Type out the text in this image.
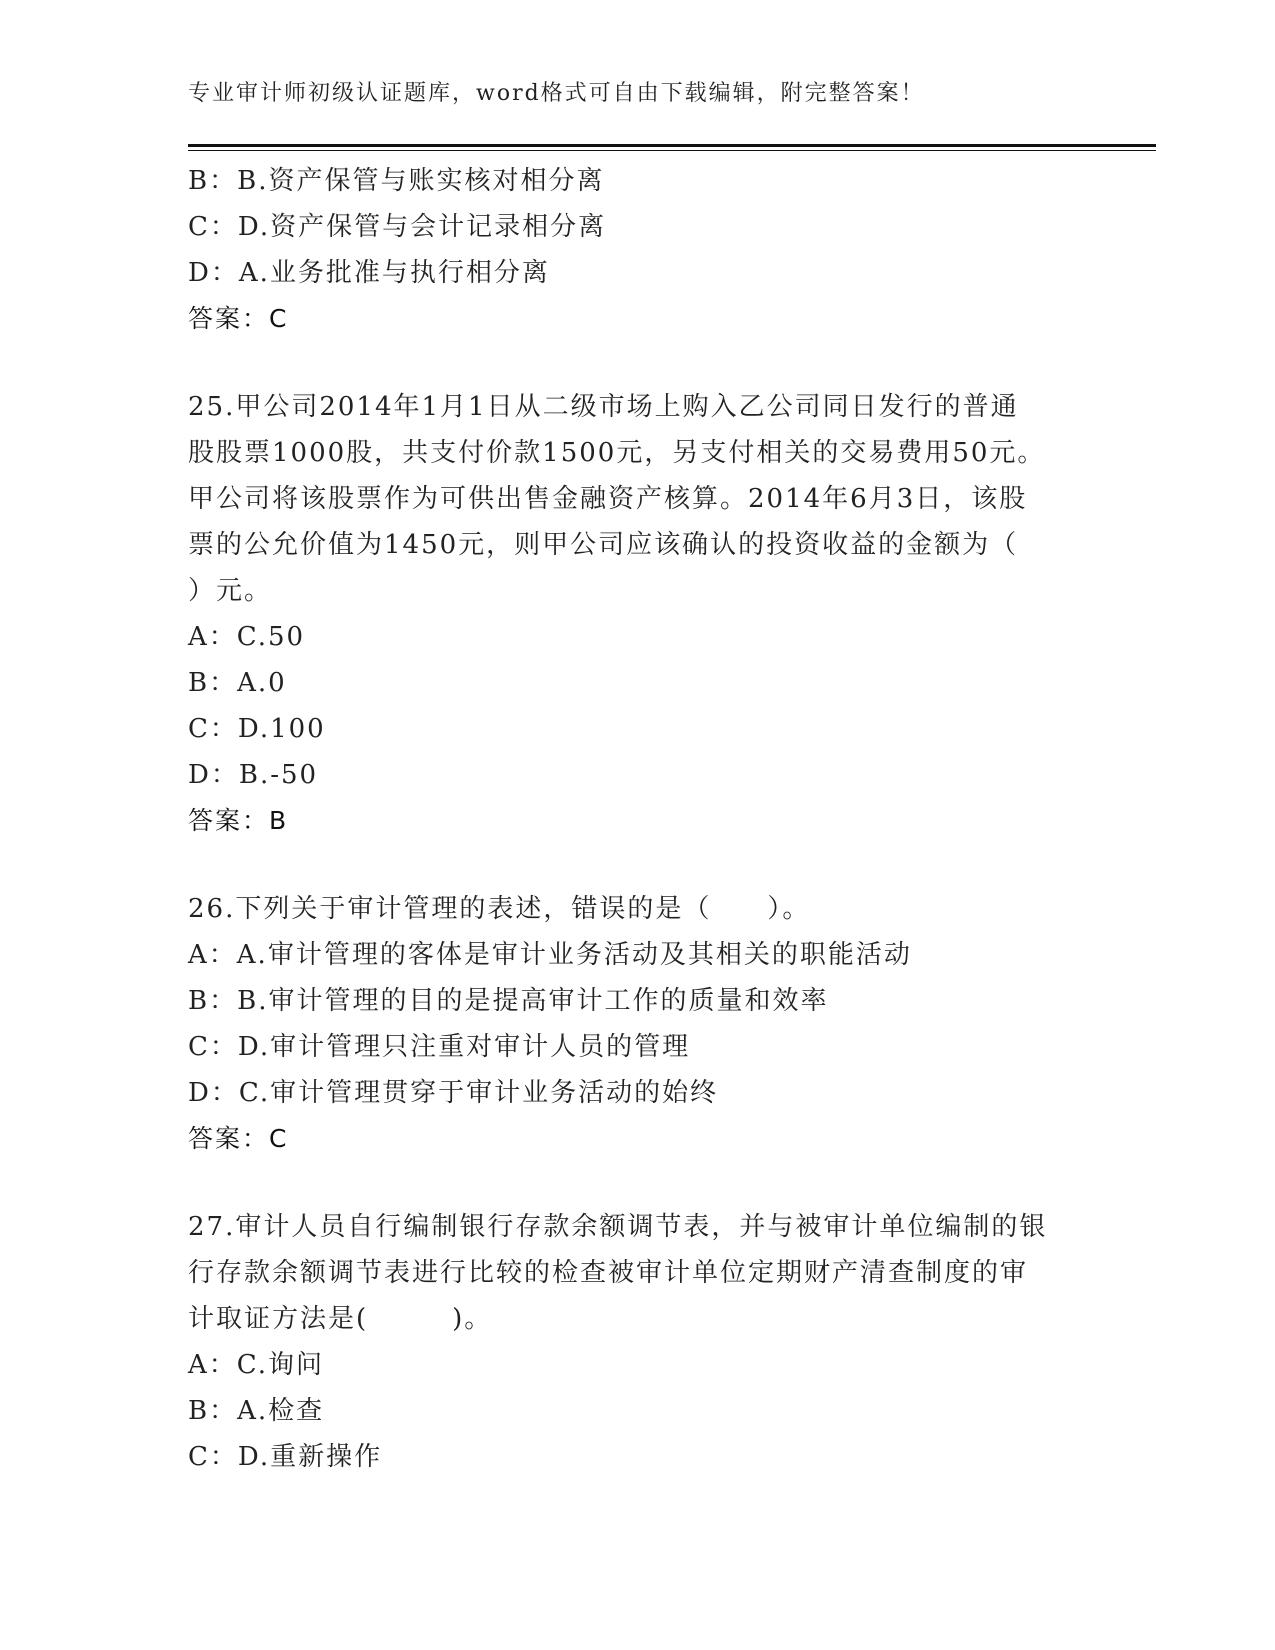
专业审计师初级认证题库，word格式可自由下载编辑，附完整答案！
B：B.资产保管与账实核对相分离
C：D.资产保管与会计记录相分离
D：A.业务批准与执行相分离
答案：C
25.甲公司2014年1月1日从二级市场上购入乙公司同日发行的普通
股股票1000股，共支付价款1500元，另支付相关的交易费用50元。
甲公司将该股票作为可供出售金融资产核算。2014年6月3日，该股
票的公允价值为1450元，则甲公司应该确认的投资收益的金额为（
）元。
A：C.50
B：A.0
C：D.100
D：B.-50
答案：B
26.下列关于审计管理的表述，错误的是（　　）。
A：A.审计管理的客体是审计业务活动及其相关的职能活动
B：B.审计管理的目的是提高审计工作的质量和效率
C：D.审计管理只注重对审计人员的管理
D：C.审计管理贯穿于审计业务活动的始终
答案：C
27.审计人员自行编制银行存款余额调节表，并与被审计单位编制的银
行存款余额调节表进行比较的检查被审计单位定期财产清查制度的审
计取证方法是(　　　)。
A：C.询问
B：A.检查
C：D.重新操作
